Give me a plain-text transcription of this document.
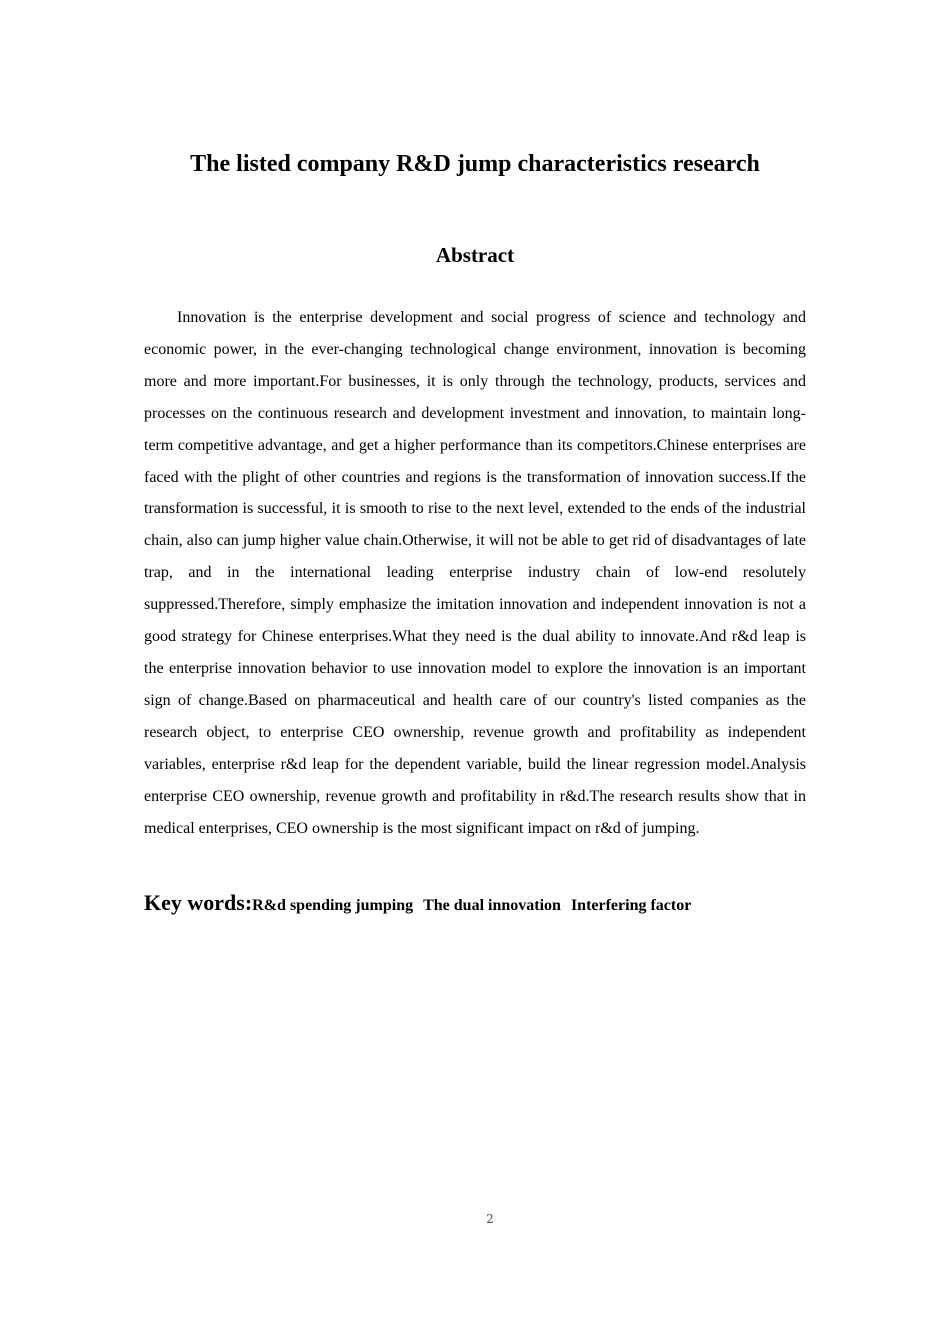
The listed company R&D jump characteristics research
Abstract

Innovation is the enterprise development and social progress of science and technology and economic power, in the ever-changing technological change environment, innovation is becoming more and more important.For businesses, it is only through the technology, products, services and processes on the continuous research and development investment and innovation, to maintain long-term competitive advantage, and get a higher performance than its competitors.Chinese enterprises are faced with the plight of other countries and regions is the transformation of innovation success.If the transformation is successful, it is smooth to rise to the next level, extended to the ends of the industrial chain, also can jump higher value chain.Otherwise, it will not be able to get rid of disadvantages of late trap, and in the international leading enterprise industry chain of low-end resolutely suppressed.Therefore, simply emphasize the imitation innovation and independent innovation is not a good strategy for Chinese enterprises.What they need is the dual ability to innovate.And r&d leap is the enterprise innovation behavior to use innovation model to explore the innovation is an important sign of change.Based on pharmaceutical and health care of our country's listed companies as the research object, to enterprise CEO ownership, revenue growth and profitability as independent variables, enterprise r&d leap for the dependent variable, build the linear regression model.Analysis enterprise CEO ownership, revenue growth and profitability in r&d.The research results show that in medical enterprises, CEO ownership is the most significant impact on r&d of jumping.

Key words:R&d spending jumping The dual innovation Interfering factor

2
